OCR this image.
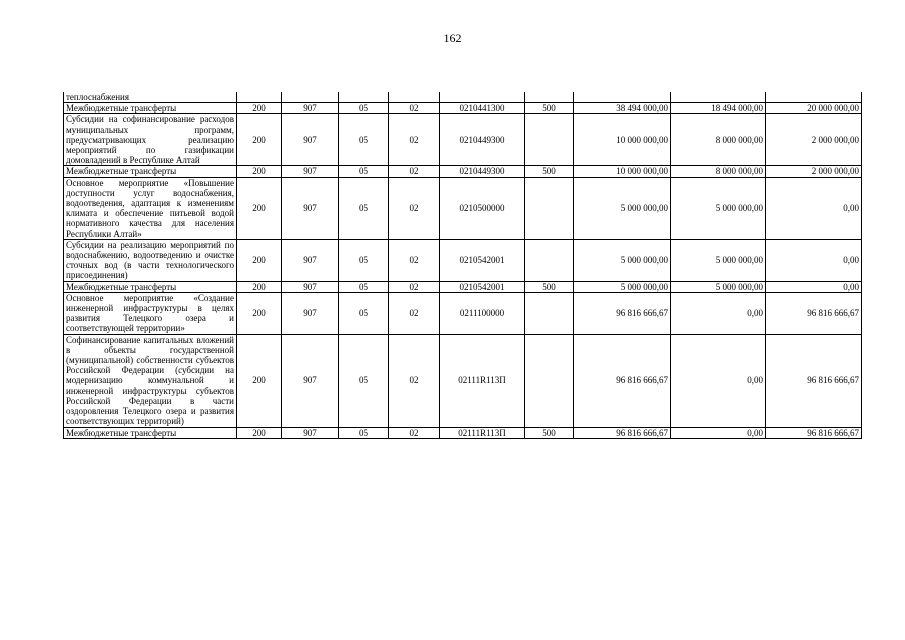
162
теплоснабжения									
Межбюджетные трансферты	200	907	05	02	0210441300	500	38 494 000,00	18 494 000,00	20 000 000,00
Субсидии на софинансирование расходов муниципальных программ, предусматривающих реализацию мероприятий по газификации домовладений в Республике Алтай	200	907	05	02	0210449300		10 000 000,00	8 000 000,00	2 000 000,00
Межбюджетные трансферты	200	907	05	02	0210449300	500	10 000 000,00	8 000 000,00	2 000 000,00
Основное мероприятие «Повышение доступности услуг водоснабжения, водоотведения, адаптация к изменениям климата и обеспечение питьевой водой нормативного качества для населения Республики Алтай»	200	907	05	02	0210500000		5 000 000,00	5 000 000,00	0,00
Субсидии на реализацию мероприятий по водоснабжению, водоотведению и очистке сточных вод (в части технологического присоединения)	200	907	05	02	0210542001		5 000 000,00	5 000 000,00	0,00
Межбюджетные трансферты	200	907	05	02	0210542001	500	5 000 000,00	5 000 000,00	0,00
Основное мероприятие «Создание инженерной инфраструктуры в целях развития Телецкого озера и соответствующей территории»	200	907	05	02	0211100000		96 816 666,67	0,00	96 816 666,67
Софинансирование капитальных вложений в объекты государственной (муниципальной) собственности субъектов Российской Федерации (субсидии на модернизацию коммунальной и инженерной инфраструктуры субъектов Российской Федерации в части оздоровления Телецкого озера и развития соответствующих территорий)	200	907	05	02	02111R113П		96 816 666,67	0,00	96 816 666,67
Межбюджетные трансферты	200	907	05	02	02111R113П	500	96 816 666,67	0,00	96 816 666,67
